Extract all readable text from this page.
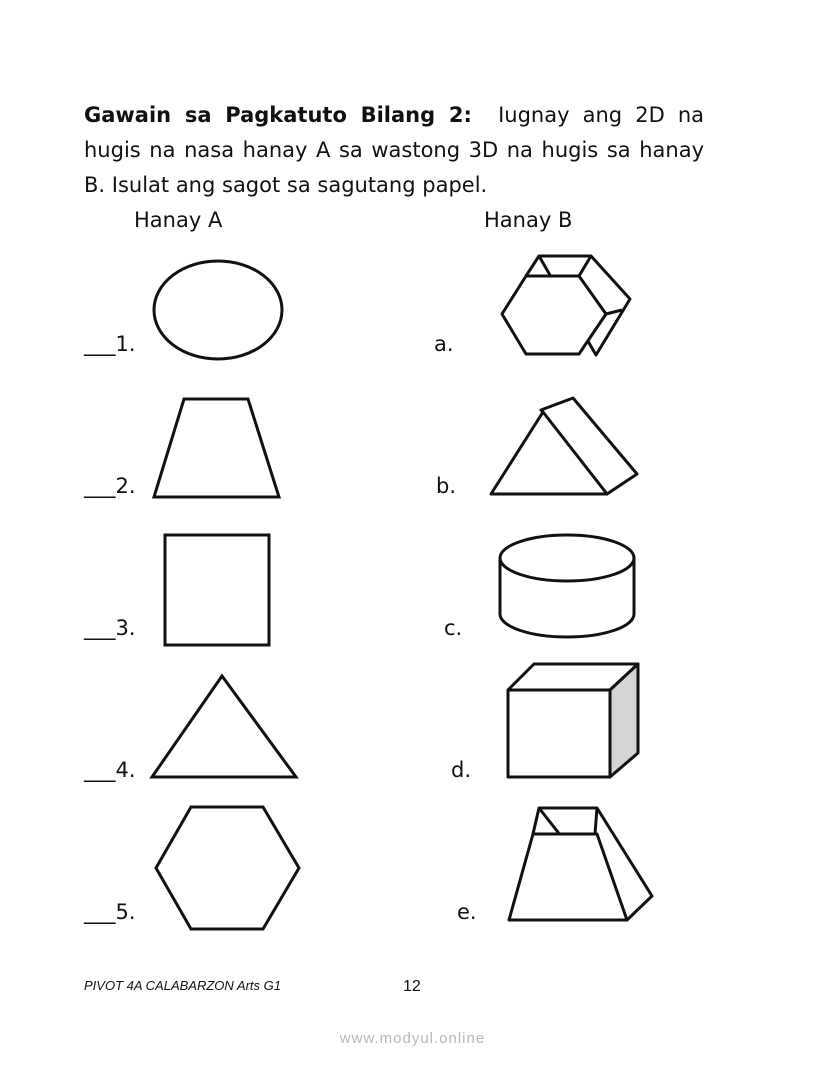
Gawain sa Pagkatuto Bilang 2: Iugnay ang 2D na hugis na nasa hanay A sa wastong 3D na hugis sa hanay B. Isulat ang sagot sa sagutang papel.

Hanay A	Hanay B
___1.
___2.
___3.
___4.
___5.
a.
b.
c.
d.
e.
PIVOT 4A CALABARZON Arts G1	12
www.modyul.online
